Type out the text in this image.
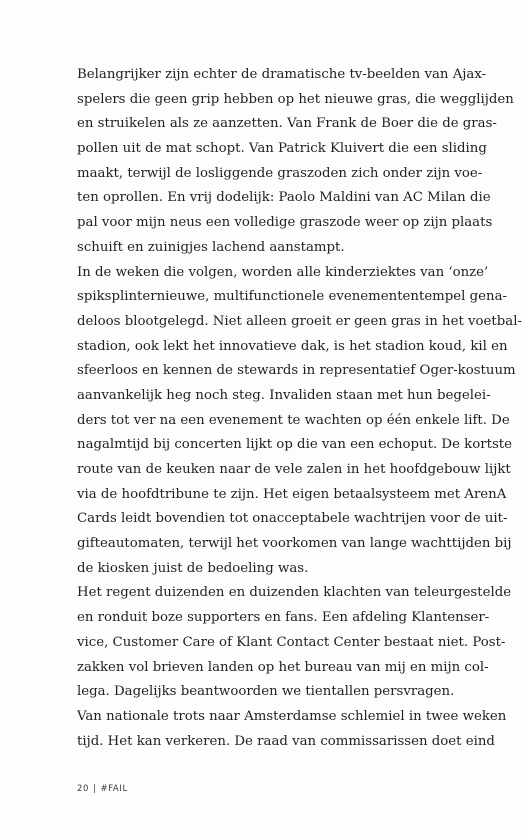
Belangrijker zijn echter de dramatische tv-beelden van Ajax-
spelers die geen grip hebben op het nieuwe gras, die wegglijden
en struikelen als ze aanzetten. Van Frank de Boer die de gras-
pollen uit de mat schopt. Van Patrick Kluivert die een sliding
maakt, terwijl de losliggende graszoden zich onder zijn voe-
ten oprollen. En vrij dodelijk: Paolo Maldini van AC Milan die
pal voor mijn neus een volledige graszode weer op zijn plaats
schuift en zuinigjes lachend aanstampt.
In de weken die volgen, worden alle kinderziektes van ‘onze’
spiksplinternieuwe, multifunctionele evenemententempel gena-
deloos blootgelegd. Niet alleen groeit er geen gras in het voetbal-
stadion, ook lekt het innovatieve dak, is het stadion koud, kil en
sfeerloos en kennen de stewards in representatief Oger-kostuum
aanvankelijk heg noch steg. Invaliden staan met hun begelei-
ders tot ver na een evenement te wachten op één enkele lift. De
nagalmtijd bij concerten lijkt op die van een echoput. De kortste
route van de keuken naar de vele zalen in het hoofdgebouw lijkt
via de hoofdtribune te zijn. Het eigen betaalsysteem met ArenA
Cards leidt bovendien tot onacceptabele wachtrijen voor de uit-
gifteautomaten, terwijl het voorkomen van lange wachttijden bij
de kiosken juist de bedoeling was.
Het regent duizenden en duizenden klachten van teleurgestelde
en ronduit boze supporters en fans. Een afdeling Klantenser-
vice, Customer Care of Klant Contact Center bestaat niet. Post-
zakken vol brieven landen op het bureau van mij en mijn col-
lega. Dagelijks beantwoorden we tientallen persvragen.
Van nationale trots naar Amsterdamse schlemiel in twee weken
tijd. Het kan verkeren. De raad van commissarissen doet eind
20 | #FAIL
